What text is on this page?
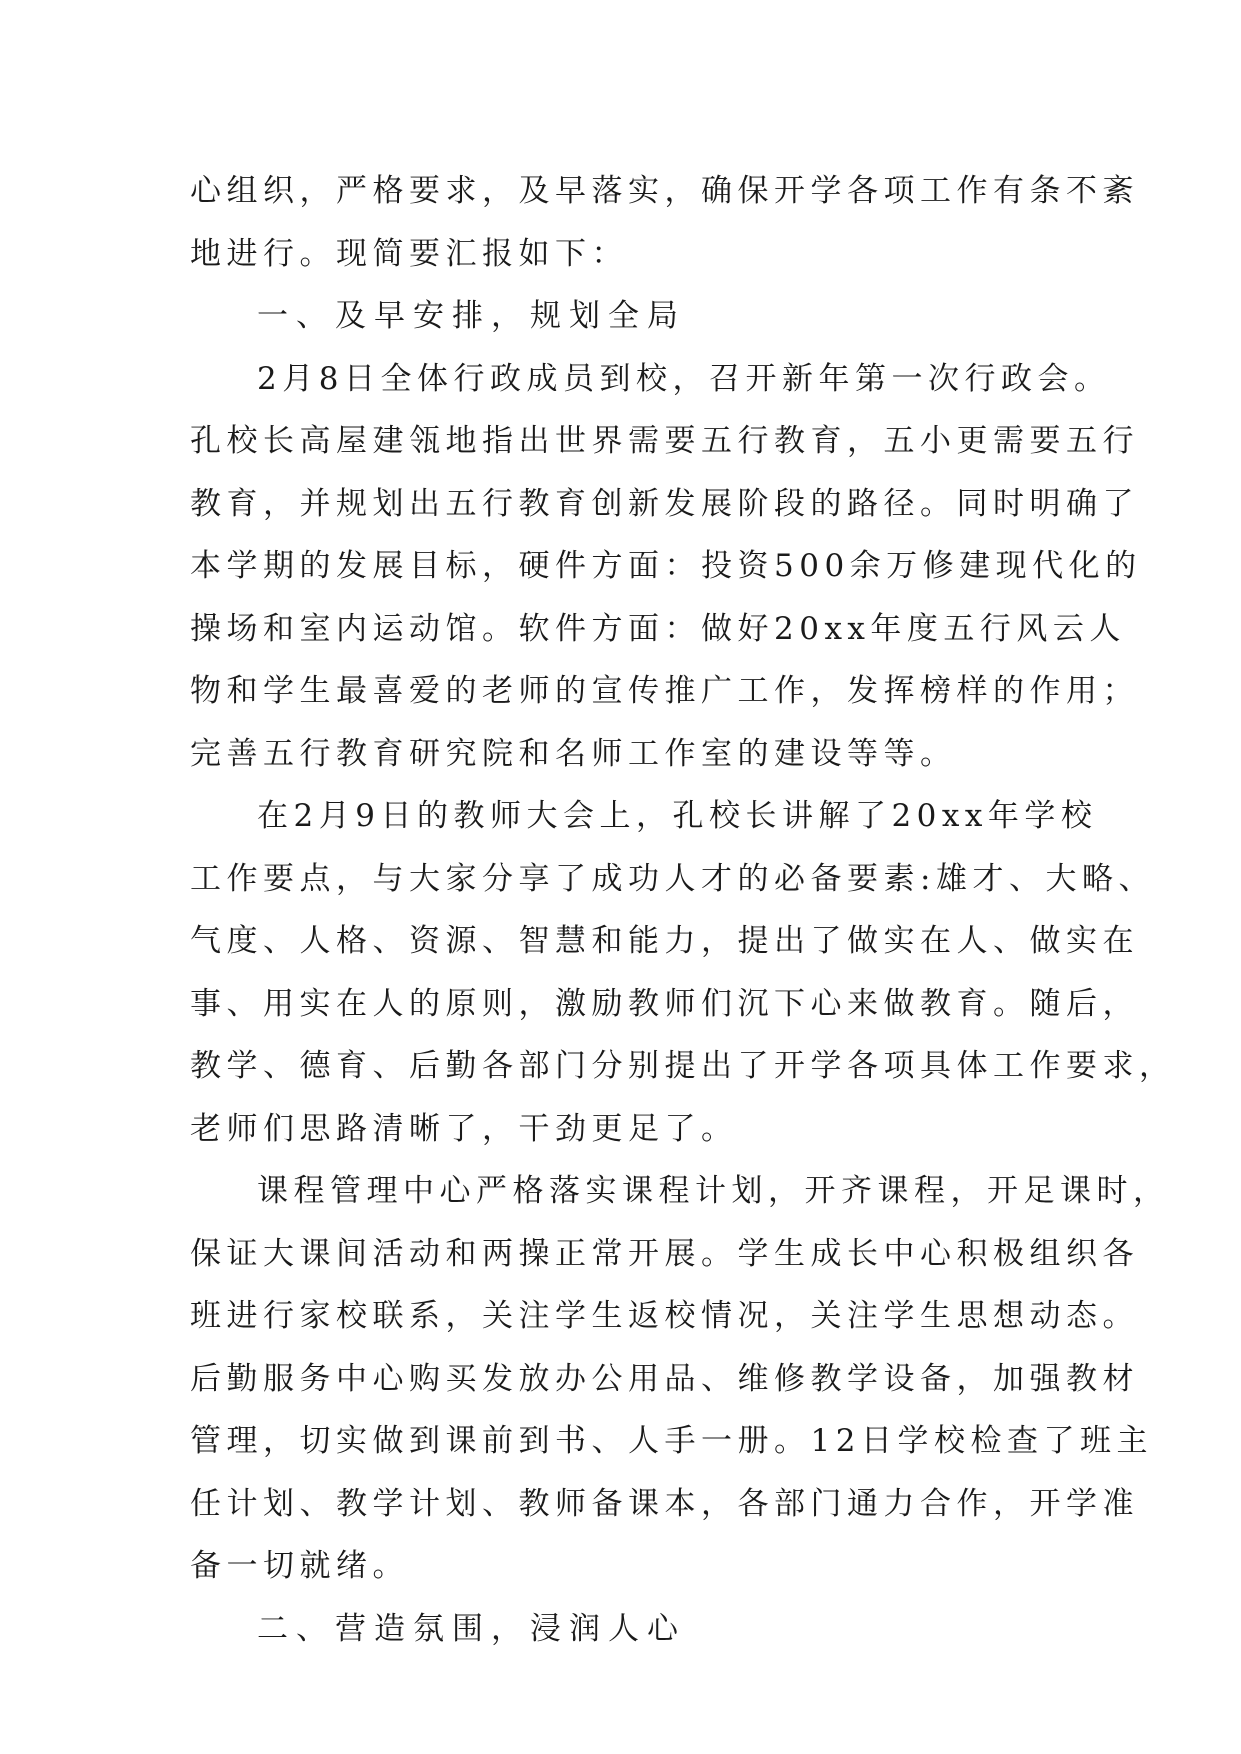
心组织，严格要求，及早落实，确保开学各项工作有条不紊
地进行。现简要汇报如下：
一、及早安排，规划全局
2月8日全体行政成员到校，召开新年第一次行政会。
孔校长高屋建瓴地指出世界需要五行教育，五小更需要五行
教育，并规划出五行教育创新发展阶段的路径。同时明确了
本学期的发展目标，硬件方面：投资500余万修建现代化的
操场和室内运动馆。软件方面：做好20xx年度五行风云人
物和学生最喜爱的老师的宣传推广工作，发挥榜样的作用；
完善五行教育研究院和名师工作室的建设等等。
在2月9日的教师大会上，孔校长讲解了20xx年学校
工作要点，与大家分享了成功人才的必备要素:雄才、大略、
气度、人格、资源、智慧和能力，提出了做实在人、做实在
事、用实在人的原则，激励教师们沉下心来做教育。随后，
教学、德育、后勤各部门分别提出了开学各项具体工作要求，
老师们思路清晰了，干劲更足了。
课程管理中心严格落实课程计划，开齐课程，开足课时，
保证大课间活动和两操正常开展。学生成长中心积极组织各
班进行家校联系，关注学生返校情况，关注学生思想动态。
后勤服务中心购买发放办公用品、维修教学设备，加强教材
管理，切实做到课前到书、人手一册。12日学校检查了班主
任计划、教学计划、教师备课本，各部门通力合作，开学准
备一切就绪。
二、营造氛围，浸润人心
